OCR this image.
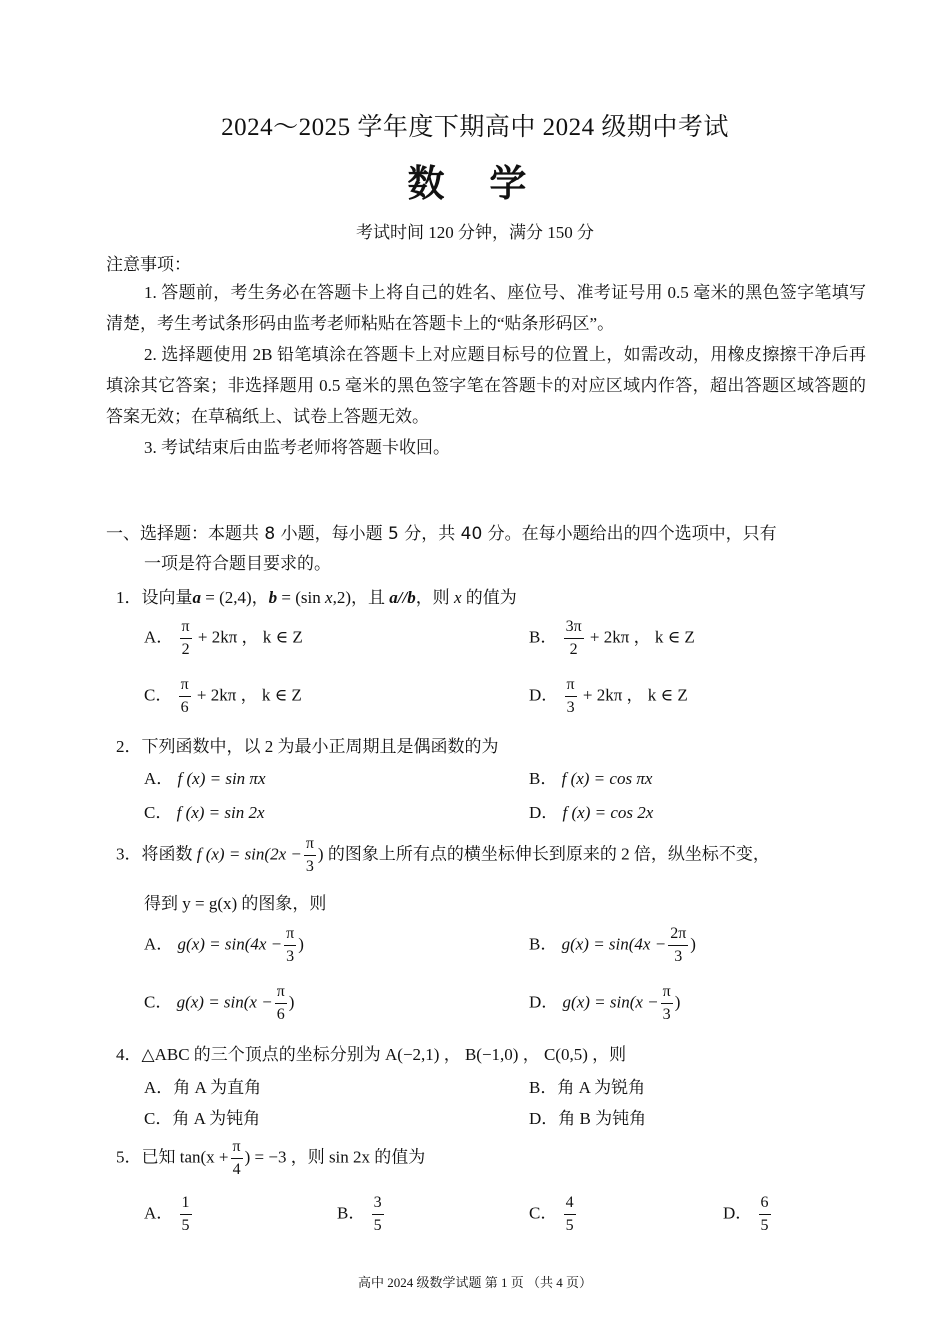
2024～2025 学年度下期高中 2024 级期中考试
数 学
考试时间 120 分钟，满分 150 分
注意事项：
1. 答题前，考生务必在答题卡上将自己的姓名、座位号、准考证号用 0.5 毫米的黑色签字笔填写清楚，考生考试条形码由监考老师粘贴在答题卡上的“贴条形码区”。
2. 选择题使用 2B 铅笔填涂在答题卡上对应题目标号的位置上，如需改动，用橡皮擦擦干净后再填涂其它答案；非选择题用 0.5 毫米的黑色签字笔在答题卡的对应区域内作答，超出答题区域答题的答案无效；在草稿纸上、试卷上答题无效。
3. 考试结束后由监考老师将答题卡收回。
一、选择题：本题共 8 小题，每小题 5 分，共 40 分。在每小题给出的四个选项中，只有
一项是符合题目要求的。
1．设向量a = (2,4)，b = (sin x,2)，且 a//b，则 x 的值为
A． $\frac{\pi}{2} + 2k\pi$ ， k ∈ Z	B． $\frac{3\pi}{2} + 2k\pi$ ， k ∈ Z
C． $\frac{\pi}{6} + 2k\pi$ ， k ∈ Z	D． $\frac{\pi}{3} + 2k\pi$ ， k ∈ Z
2．下列函数中，以 2 为最小正周期且是偶函数的为
A． f (x) = sin πx	B． f (x) = cos πx
C． f (x) = sin 2x	D． f (x) = cos 2x
3．将函数 f $(x) = \sin(2x - \frac{\pi}{3}$ ) 的图象上所有点的横坐标伸长到原来的 2 倍，纵坐标不变，
得到 y = g(x) 的图象，则
A． $g(x) = \sin(4x - \frac{\pi}{3}$ )	B． $g(x) = \sin(4x - \frac{2\pi}{3}$ )
C． $g(x) = \sin(x - \frac{\pi}{6}$ )	D． $g(x) = \sin(x - \frac{\pi}{3}$ )
4．△ABC 的三个顶点的坐标分别为 A(−2,1) ， B(−1,0) ， C(0,5) ，则
A．角 A 为直角	B．角 A 为锐角
C．角 A 为钝角	D．角 B 为钝角
5．已知 $\tan(x + \frac{\pi}{4}$ ) = −3 ，则 sin 2x 的值为
A． $\frac{1}{5}$	B． $\frac{3}{5}$	C． $\frac{4}{5}$	D． $\frac{6}{5}$
高中 2024 级数学试题 第 1 页 （共 4 页）
